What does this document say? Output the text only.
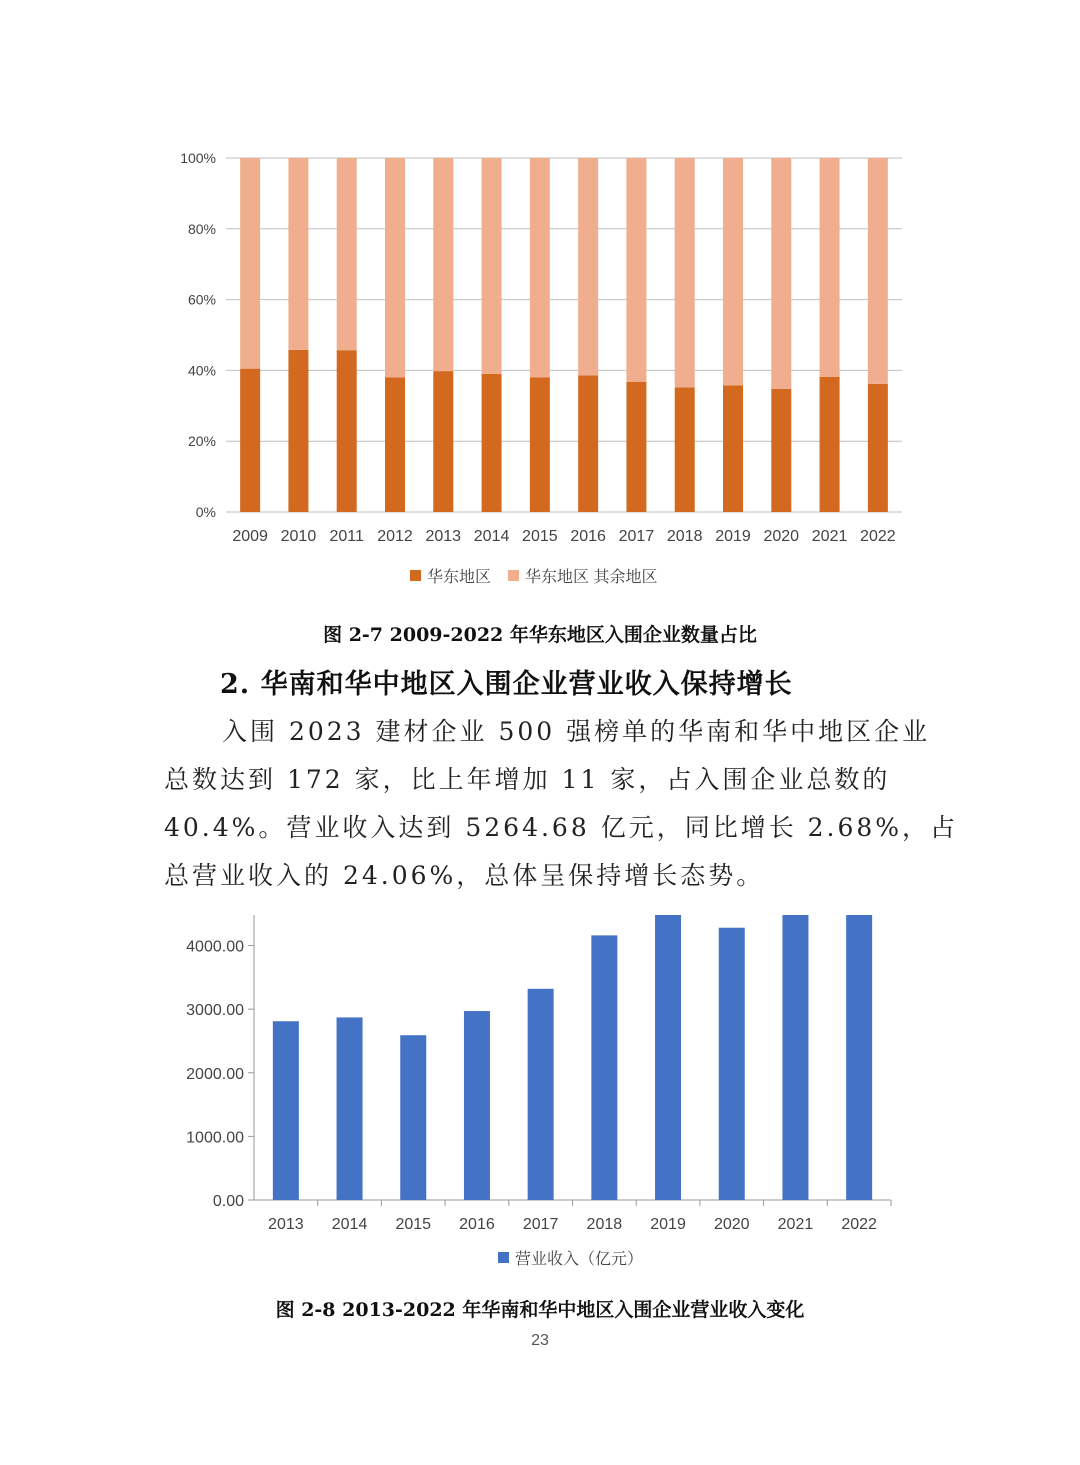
0%
20%
40%
60%
80%
100%
2009 2010 2011 2012 2013 2014 2015 2016 2017 2018 2019 2020 2021 2022
华东地区 华东地区 其余地区
图 2-7 2009-2022 年华东地区入围企业数量占比
2. 华南和华中地区入围企业营业收入保持增长
入围 2023 建材企业 500 强榜单的华南和华中地区企业
总数达到 172 家，比上年增加 11 家，占入围企业总数的
40.4%。营业收入达到 5264.68 亿元，同比增长 2.68%，占
总营业收入的 24.06%，总体呈保持增长态势。
0.00
1000.00
2000.00
3000.00
4000.00
2013 2014 2015 2016 2017 2018 2019 2020 2021 2022
营业收入（亿元）
图 2-8 2013-2022 年华南和华中地区入围企业营业收入变化
23
